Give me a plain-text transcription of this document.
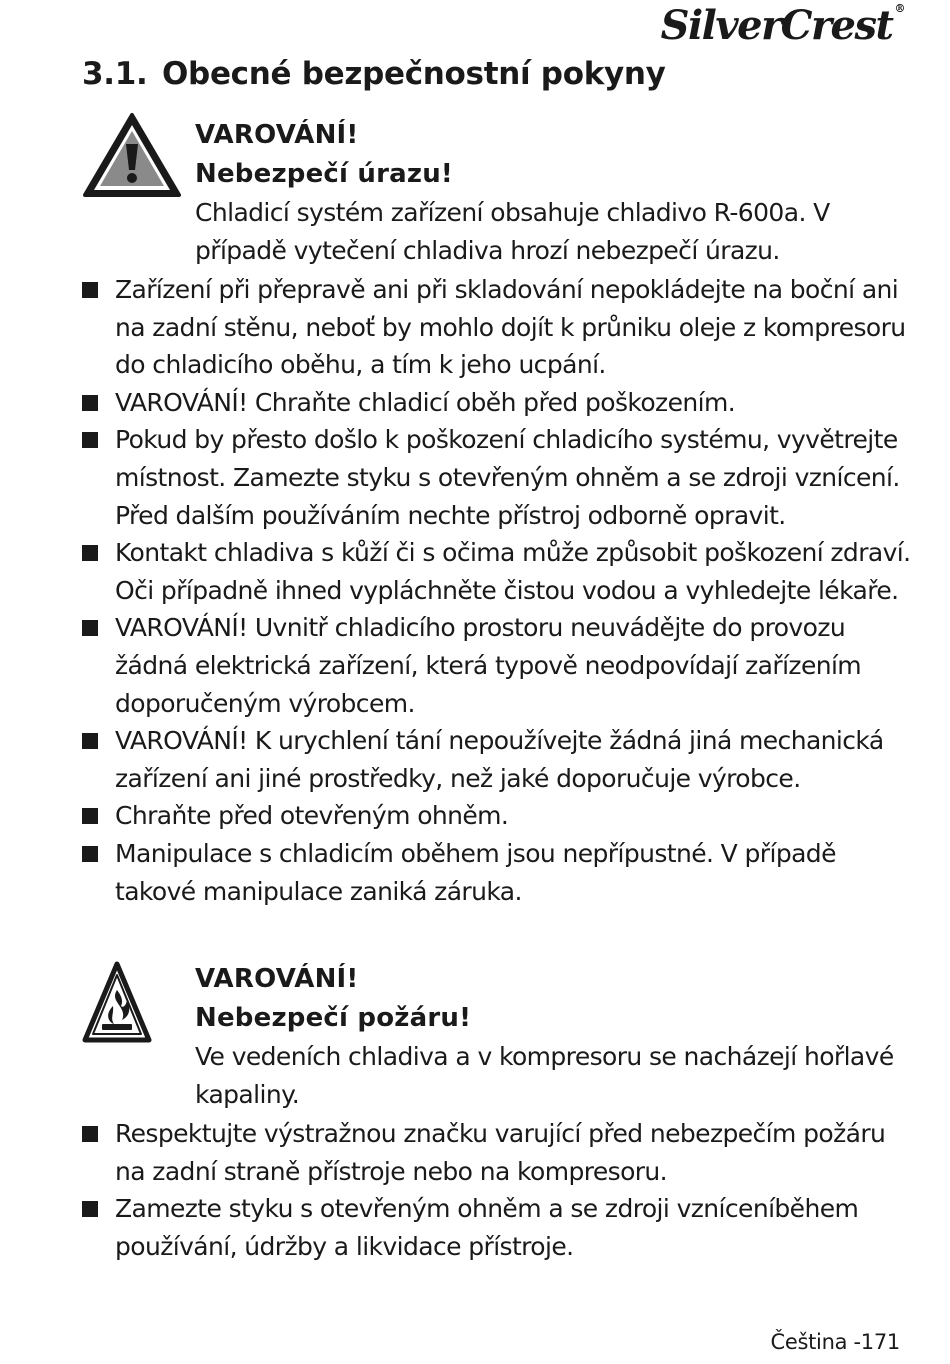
SilverCrest ®
3.1. Obecné bezpečnostní pokyny
VAROVÁNÍ!
Nebezpečí úrazu!
Chladicí systém zařízení obsahuje chladivo R-600a. V případě vytečení chladiva hrozí nebezpečí úrazu.
Zařízení při přepravě ani při skladování nepokládejte na boční ani na zadní stěnu, neboť by mohlo dojít k průniku oleje z kompresoru do chladicího oběhu, a tím k jeho ucpání.
VAROVÁNÍ! Chraňte chladicí oběh před poškozením.
Pokud by přesto došlo k poškození chladicího systému, vyvětrejte místnost. Zamezte styku s otevřeným ohněm a se zdroji vznícení. Před dalším používáním nechte přístroj odborně opravit.
Kontakt chladiva s kůží či s očima může způsobit poškození zdraví. Oči případně ihned vypláchněte čistou vodou a vyhledejte lékaře.
VAROVÁNÍ! Uvnitř chladicího prostoru neuvádějte do provozu žádná elektrická zařízení, která typově neodpovídají zařízením doporučeným výrobcem.
VAROVÁNÍ! K urychlení tání nepoužívejte žádná jiná mechanická zařízení ani jiné prostředky, než jaké doporučuje výrobce.
Chraňte před otevřeným ohněm.
Manipulace s chladicím oběhem jsou nepřípustné. V případě takové manipulace zaniká záruka.
VAROVÁNÍ!
Nebezpečí požáru!
Ve vedeních chladiva a v kompresoru se nacházejí hořlavé kapaliny.
Respektujte výstražnou značku varující před nebezpečím požáru na zadní straně přístroje nebo na kompresoru.
Zamezte styku s otevřeným ohněm a se zdroji vzníceníběhem používání, údržby a likvidace přístroje.
Čeština -171
